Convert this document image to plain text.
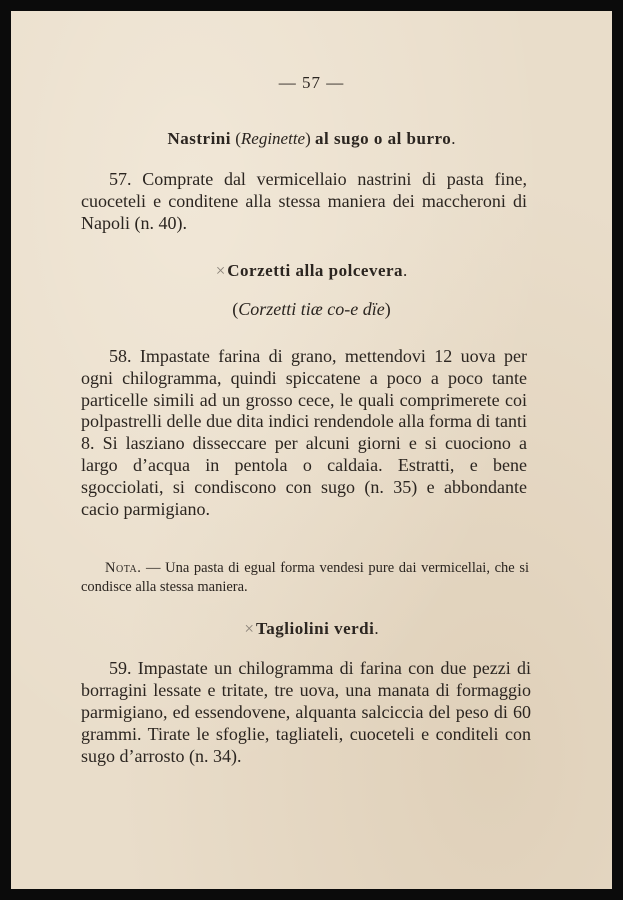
— 57 —
Nastrini (Reginette) al sugo o al burro.

57. Comprate dal vermicellaio nastrini di pasta fine, cuoceteli e conditene alla stessa maniera dei maccheroni di Napoli (n. 40).

× Corzetti alla polcevera.
(Corzetti tiæ co-e dïe)

58. Impastate farina di grano, mettendovi 12 uova per ogni chilogramma, quindi spiccatene a poco a poco tante particelle simili ad un grosso cece, le quali comprimerete coi polpastrelli delle due dita indici rendendole alla forma di tanti 8. Si lasziano disseccare per alcuni giorni e si cuociono a largo d’acqua in pentola o caldaia. Estratti, e bene sgocciolati, si condiscono con sugo (n. 35) e abbondante cacio parmigiano.

Nota. — Una pasta di egual forma vendesi pure dai vermicellai, che si condisce alla stessa maniera.

× Tagliolini verdi.

59. Impastate un chilogramma di farina con due pezzi di borragini lessate e tritate, tre uova, una manata di formaggio parmigiano, ed essendovene, alquanta salciccia del peso di 60 grammi. Tirate le sfoglie, tagliateli, cuoceteli e conditeli con sugo d’arrosto (n. 34).
